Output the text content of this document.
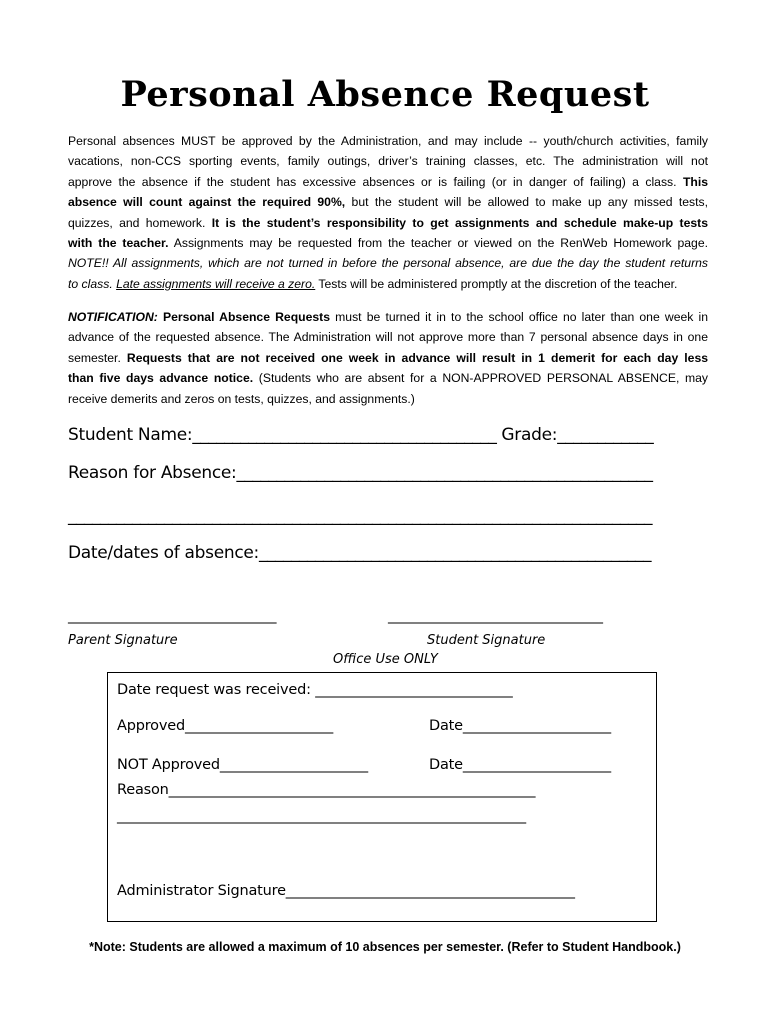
Personal Absence Request
Personal absences MUST be approved by the Administration, and may include -- youth/church activities, family
vacations, non-CCS sporting events, family outings, driver’s training classes, etc. The administration will not
approve the absence if the student has excessive absences or is failing (or in danger of failing) a class. This
absence will count against the required 90%, but the student will be allowed to make up any missed tests,
quizzes, and homework. It is the student’s responsibility to get assignments and schedule make-up tests
with the teacher. Assignments may be requested from the teacher or viewed on the RenWeb Homework page.
NOTE!! All assignments, which are not turned in before the personal absence, are due the day the student returns
to class. Late assignments will receive a zero. Tests will be administered promptly at the discretion of the teacher.
NOTIFICATION: Personal Absence Requests must be turned it in to the school office no later than one week in
advance of the requested absence. The Administration will not approve more than 7 personal absence days in one
semester. Requests that are not received one week in advance will result in 1 demerit for each day less
than five days advance notice. (Students who are absent for a NON-APPROVED PERSONAL ABSENCE, may
receive demerits and zeros on tests, quizzes, and assignments.)
Student Name:______________________________________ Grade:____________
Reason for Absence:____________________________________________________
_________________________________________________________________________
Date/dates of absence:_________________________________________________
________________________________	_________________________________
Parent Signature	Student Signature
Office Use ONLY
Date request was received: ____________________________
Approved_____________________	Date_____________________
NOT Approved_____________________	Date_____________________
Reason____________________________________________________
__________________________________________________________
Administrator Signature_________________________________________
*Note: Students are allowed a maximum of 10 absences per semester. (Refer to Student Handbook.)
